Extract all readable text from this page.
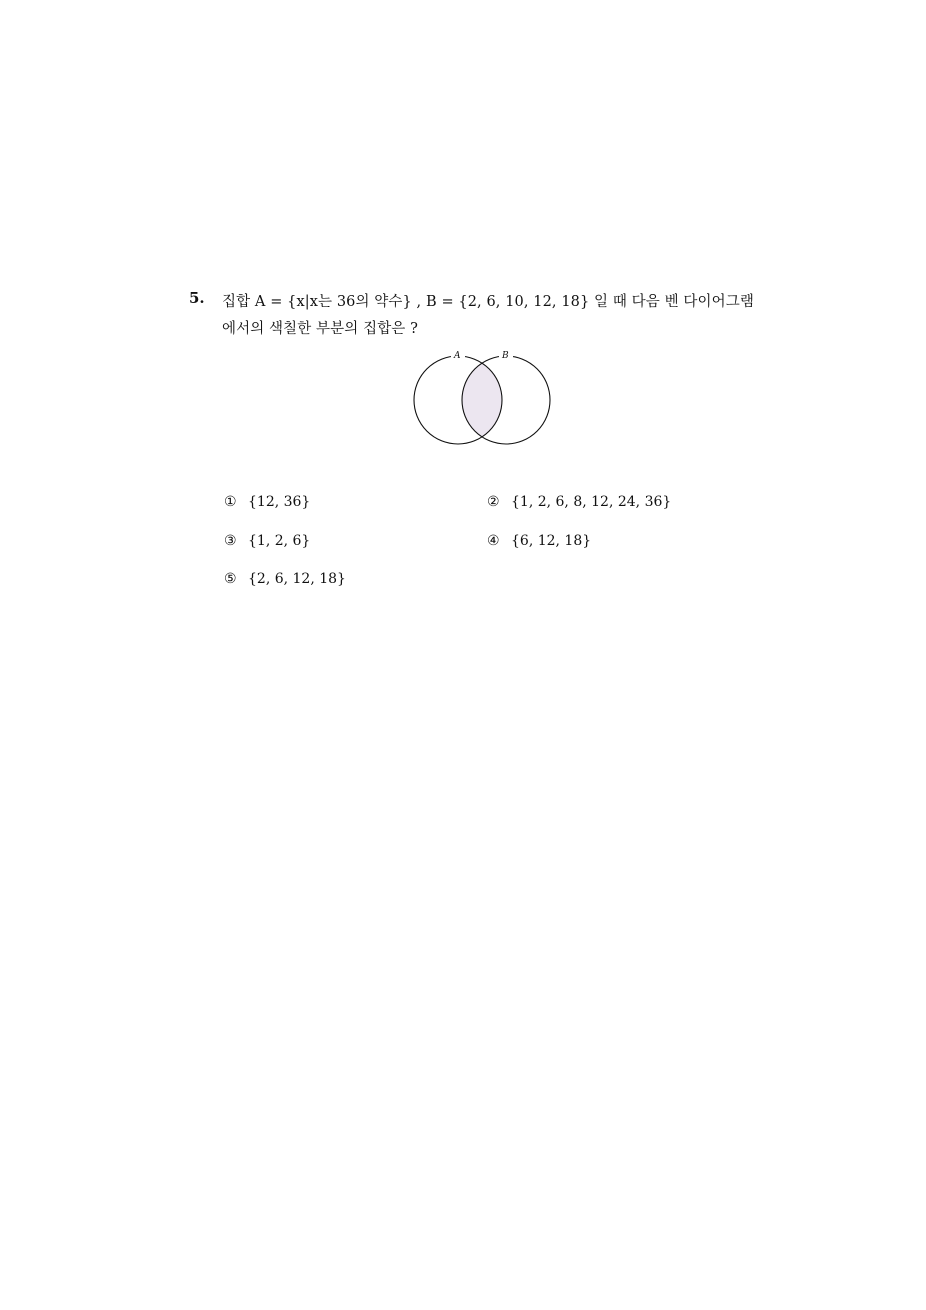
5. 집합 A = {x|x는 36의 약수} , B = {2, 6, 10, 12, 18} 일 때 다음 벤 다이어그램
에서의 색칠한 부분의 집합은 ?
A	B
① {12, 36}	② {1, 2, 6, 8, 12, 24, 36}
③ {1, 2, 6}	④ {6, 12, 18}
⑤ {2, 6, 12, 18}
